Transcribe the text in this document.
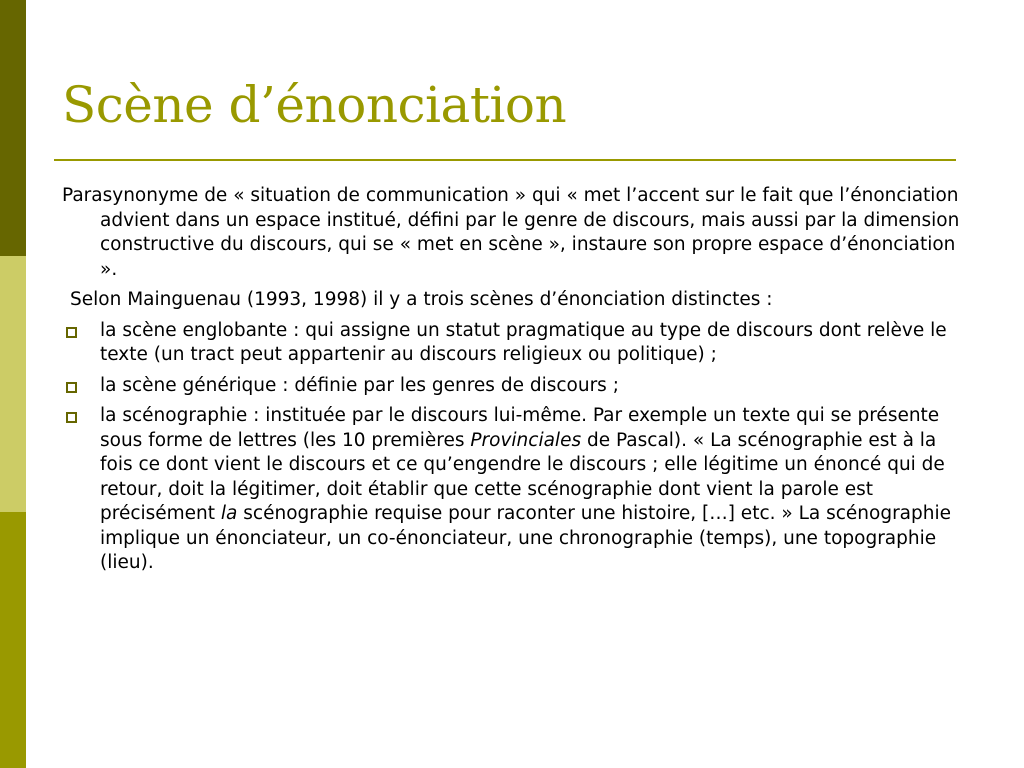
Scène d’énonciation

Parasynonyme de « situation de communication » qui « met l’accent sur le fait que l’énonciation advient dans un espace institué, défini par le genre de discours, mais aussi par la dimension constructive du discours, qui se « met en scène », instaure son propre espace d’énonciation ».

Selon Mainguenau (1993, 1998) il y a trois scènes d’énonciation distinctes :

la scène englobante : qui assigne un statut pragmatique au type de discours dont relève le texte (un tract peut appartenir au discours religieux ou politique) ;
la scène générique : définie par les genres de discours ;
la scénographie : instituée par le discours lui-même. Par exemple un texte qui se présente sous forme de lettres (les 10 premières Provinciales de Pascal). « La scénographie est à la fois ce dont vient le discours et ce qu’engendre le discours ; elle légitime un énoncé qui de retour, doit la légitimer, doit établir que cette scénographie dont vient la parole est précisément la scénographie requise pour raconter une histoire, […] etc. » La scénographie implique un énonciateur, un co-énonciateur, une chronographie (temps), une topographie (lieu).
